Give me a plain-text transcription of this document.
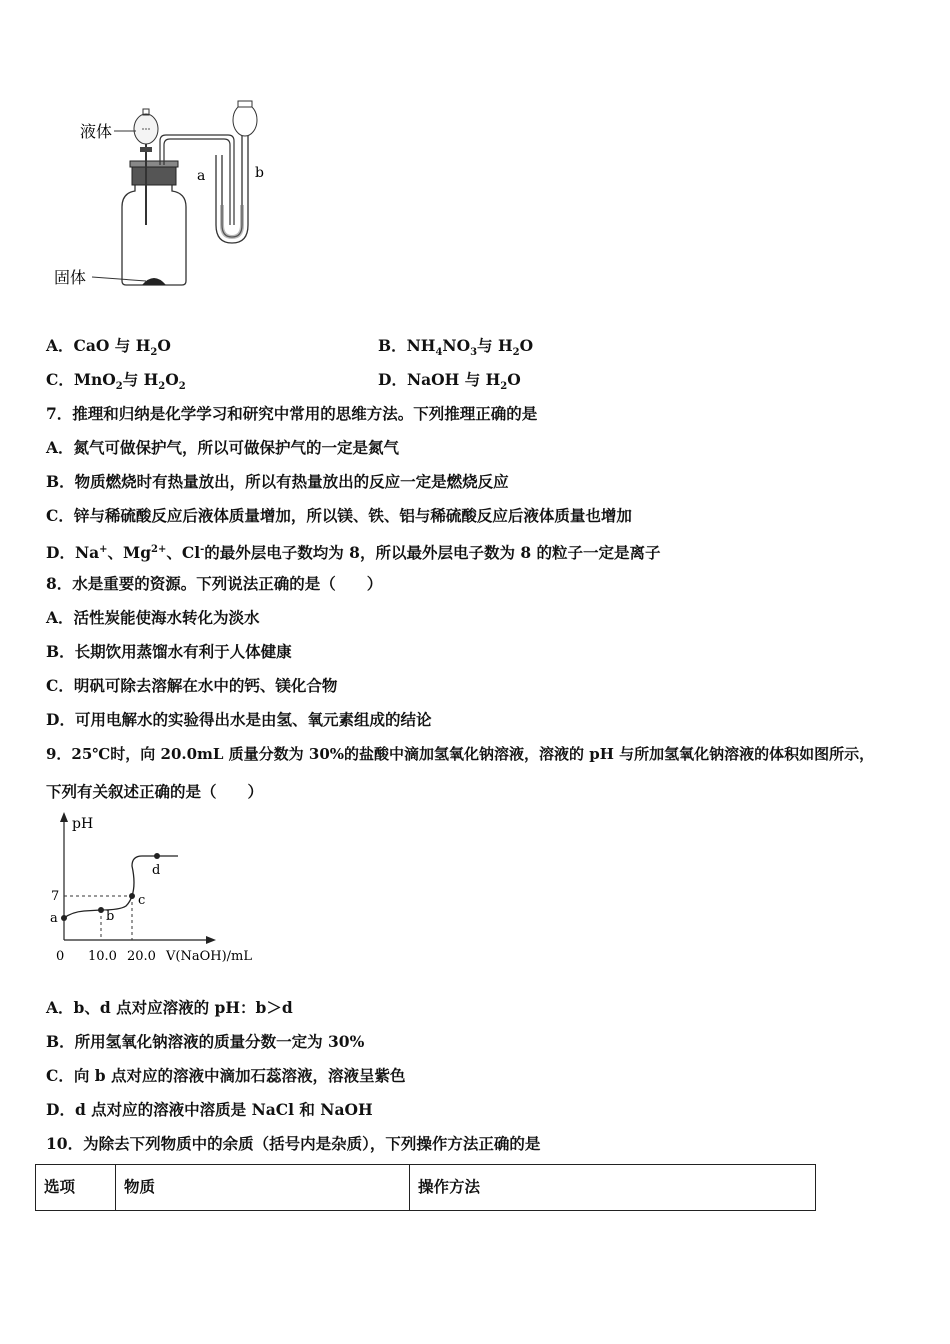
液体
固体
a	b
A．CaO 与 $H_2O$	B．$NH_4NO_3$与 $H_2O$
C．MnO$_2$与 $H_2O_2$	D．NaOH 与 $H_2O$
7．推理和归纳是化学学习和研究中常用的思维方法。下列推理正确的是
A．氮气可做保护气，所以可做保护气的一定是氮气
B．物质燃烧时有热量放出，所以有热量放出的反应一定是燃烧反应
C．锌与稀硫酸反应后液体质量增加，所以镁、铁、铝与稀硫酸反应后液体质量也增加
D．Na+、$Mg^{2+}$、Cl-的最外层电子数均为 8，所以最外层电子数为 8 的粒子一定是离子
8．水是重要的资源。下列说法正确的是（　　）
A．活性炭能使海水转化为淡水
B．长期饮用蒸馏水有利于人体健康
C．明矾可除去溶解在水中的钙、镁化合物
D．可用电解水的实验得出水是由氢、氧元素组成的结论
9．25℃时，向 20.0mL 质量分数为 30%的盐酸中滴加氢氧化钠溶液，溶液的 pH 与所加氢氧化钠溶液的体积如图所示，
下列有关叙述正确的是（　　）
pH
7
a	b
c
d
0 10.0 20.0 V(NaOH)/mL
A．b、d 点对应溶液的 pH：b＞d
B．所用氢氧化钠溶液的质量分数一定为 30%
C．向 b 点对应的溶液中滴加石蕊溶液，溶液呈紫色
D．d 点对应的溶液中溶质是 NaCl 和 NaOH
10．为除去下列物质中的余质（括号内是杂质），下列操作方法正确的是
选项	物质	操作方法
